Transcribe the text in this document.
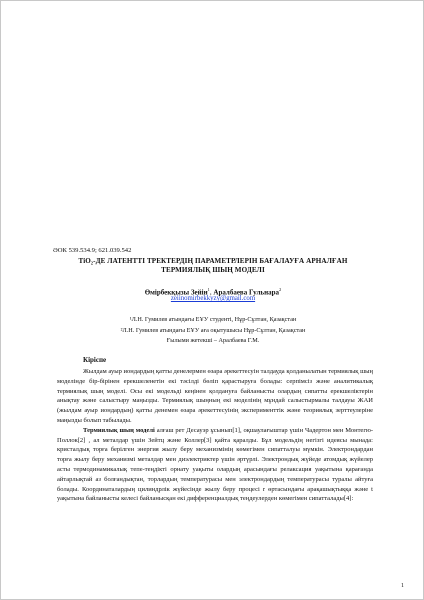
ӘОК 539.534.9; 621.039.542
TiO₂-ДЕ ЛАТЕНТТІ ТРЕКТЕРДІҢ ПАРАМЕТРЛЕРІН БАҒАЛАУҒА АРНАЛҒАН
ТЕРМИЯЛЫҚ ШЫҢ МОДЕЛІ
Өмірбекқызы Зейін$^1$, Аралбаева Гульнара$^2$
zeiinomirbekkyzy@gmail.com
¹Л.Н. Гумилев атындағы ЕҰУ студенті, Нұр-Сұлтан, Қазақстан
²Л.Н. Гумилев атындағы ЕҰУ аға оқытушысы Нұр-Сұлтан, Қазақстан
Ғылыми жетекші – Аралбаева Г.М.
Кіріспе

Жылдам ауыр иондардың қатты денелермен өзара әрекеттесуін талдауда қолданылатын термиялық шың моделінде бір-бірінен ерекшеленетін екі тәсілді бөліп қарастыруға болады: серпімсіз және аналитикалық термиялық шың моделі. Осы екі модельді кеңінен қолдануға байланысты олардың сипатты ерекшеліктерін анықтау және салыстыру маңызды. Термиялық шыңның екі моделінің мұндай салыстырмалы талдауы ЖАИ (жылдам ауыр иондардың) қатты денемен өзара әрекеттесуінің эксперименттік және теориялық зерттеулеріне маңызды болып табылады.

Термиялық шың моделі алғаш рет Десауэр ұсынып[1], оқшаулағыштар үшін Чадертон мен Монтегю-Поллок[2] , ал металдар үшін Зейтц және Коллер[3] қайта қаралды. Бұл модельдің негізгі идеясы мынада: кристалдық торға берілген энергия жылу беру механизмінің көмегімен сипатталуы мүмкін. Электрондардан торға жылу беру механизмі металдар мен диэлектриктер үшін әртүрлі. Электрондық жүйеде атомдық жүйелер асты термодинамикалық тепе-теңдікті орнату уақыты олардың арасындағы релаксация уақытына қарағанда айтарлықтай аз болғандықтан, торлардың температурасы мен электрондардың температурасы туралы айтуға болады. Координаталардың цилиндрлік жүйесінде жылу беру процесі r өртасындағы арақашықтыққа және t уақытына байланысты келесі байланысқан екі дифференциалдық теңдеулерден көмегімен сипатталады[4]:

1
